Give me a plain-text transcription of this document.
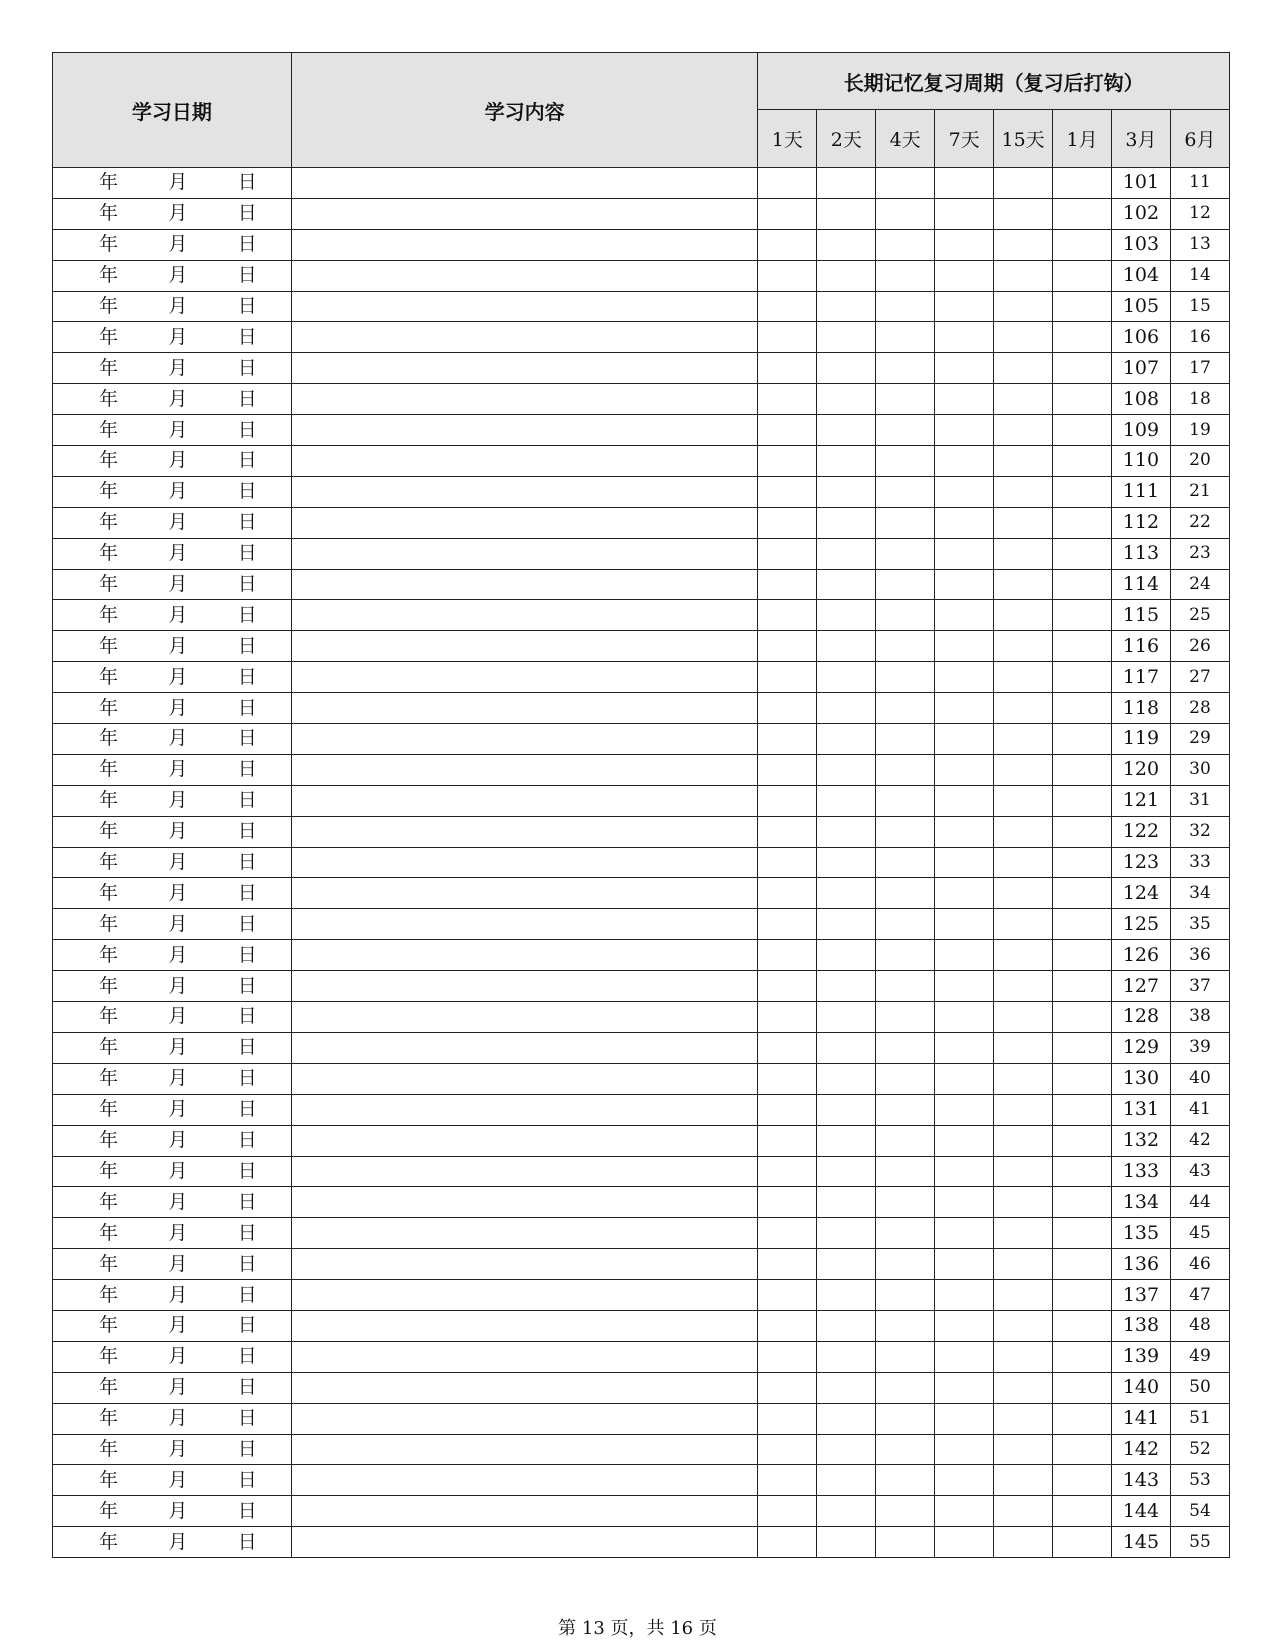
学习日期	学习内容	长期记忆复习周期（复习后打钩）							
		1天	2天	4天	7天	15天	1月	3月	6月

年 月 日								101	11

年 月 日								102	12

年 月 日								103	13

年 月 日								104	14

年 月 日								105	15

年 月 日								106	16

年 月 日								107	17

年 月 日								108	18

年 月 日								109	19

年 月 日								110	20

年 月 日								111	21

年 月 日								112	22

年 月 日								113	23

年 月 日								114	24

年 月 日								115	25

年 月 日								116	26

年 月 日								117	27

年 月 日								118	28

年 月 日								119	29

年 月 日								120	30

年 月 日								121	31

年 月 日								122	32

年 月 日								123	33

年 月 日								124	34

年 月 日								125	35

年 月 日								126	36

年 月 日								127	37

年 月 日								128	38

年 月 日								129	39

年 月 日								130	40

年 月 日								131	41

年 月 日								132	42

年 月 日								133	43

年 月 日								134	44

年 月 日								135	45

年 月 日								136	46

年 月 日								137	47

年 月 日								138	48

年 月 日								139	49

年 月 日								140	50

年 月 日								141	51

年 月 日								142	52

年 月 日								143	53

年 月 日								144	54

年 月 日								145	55
第 13 页，共 16 页
